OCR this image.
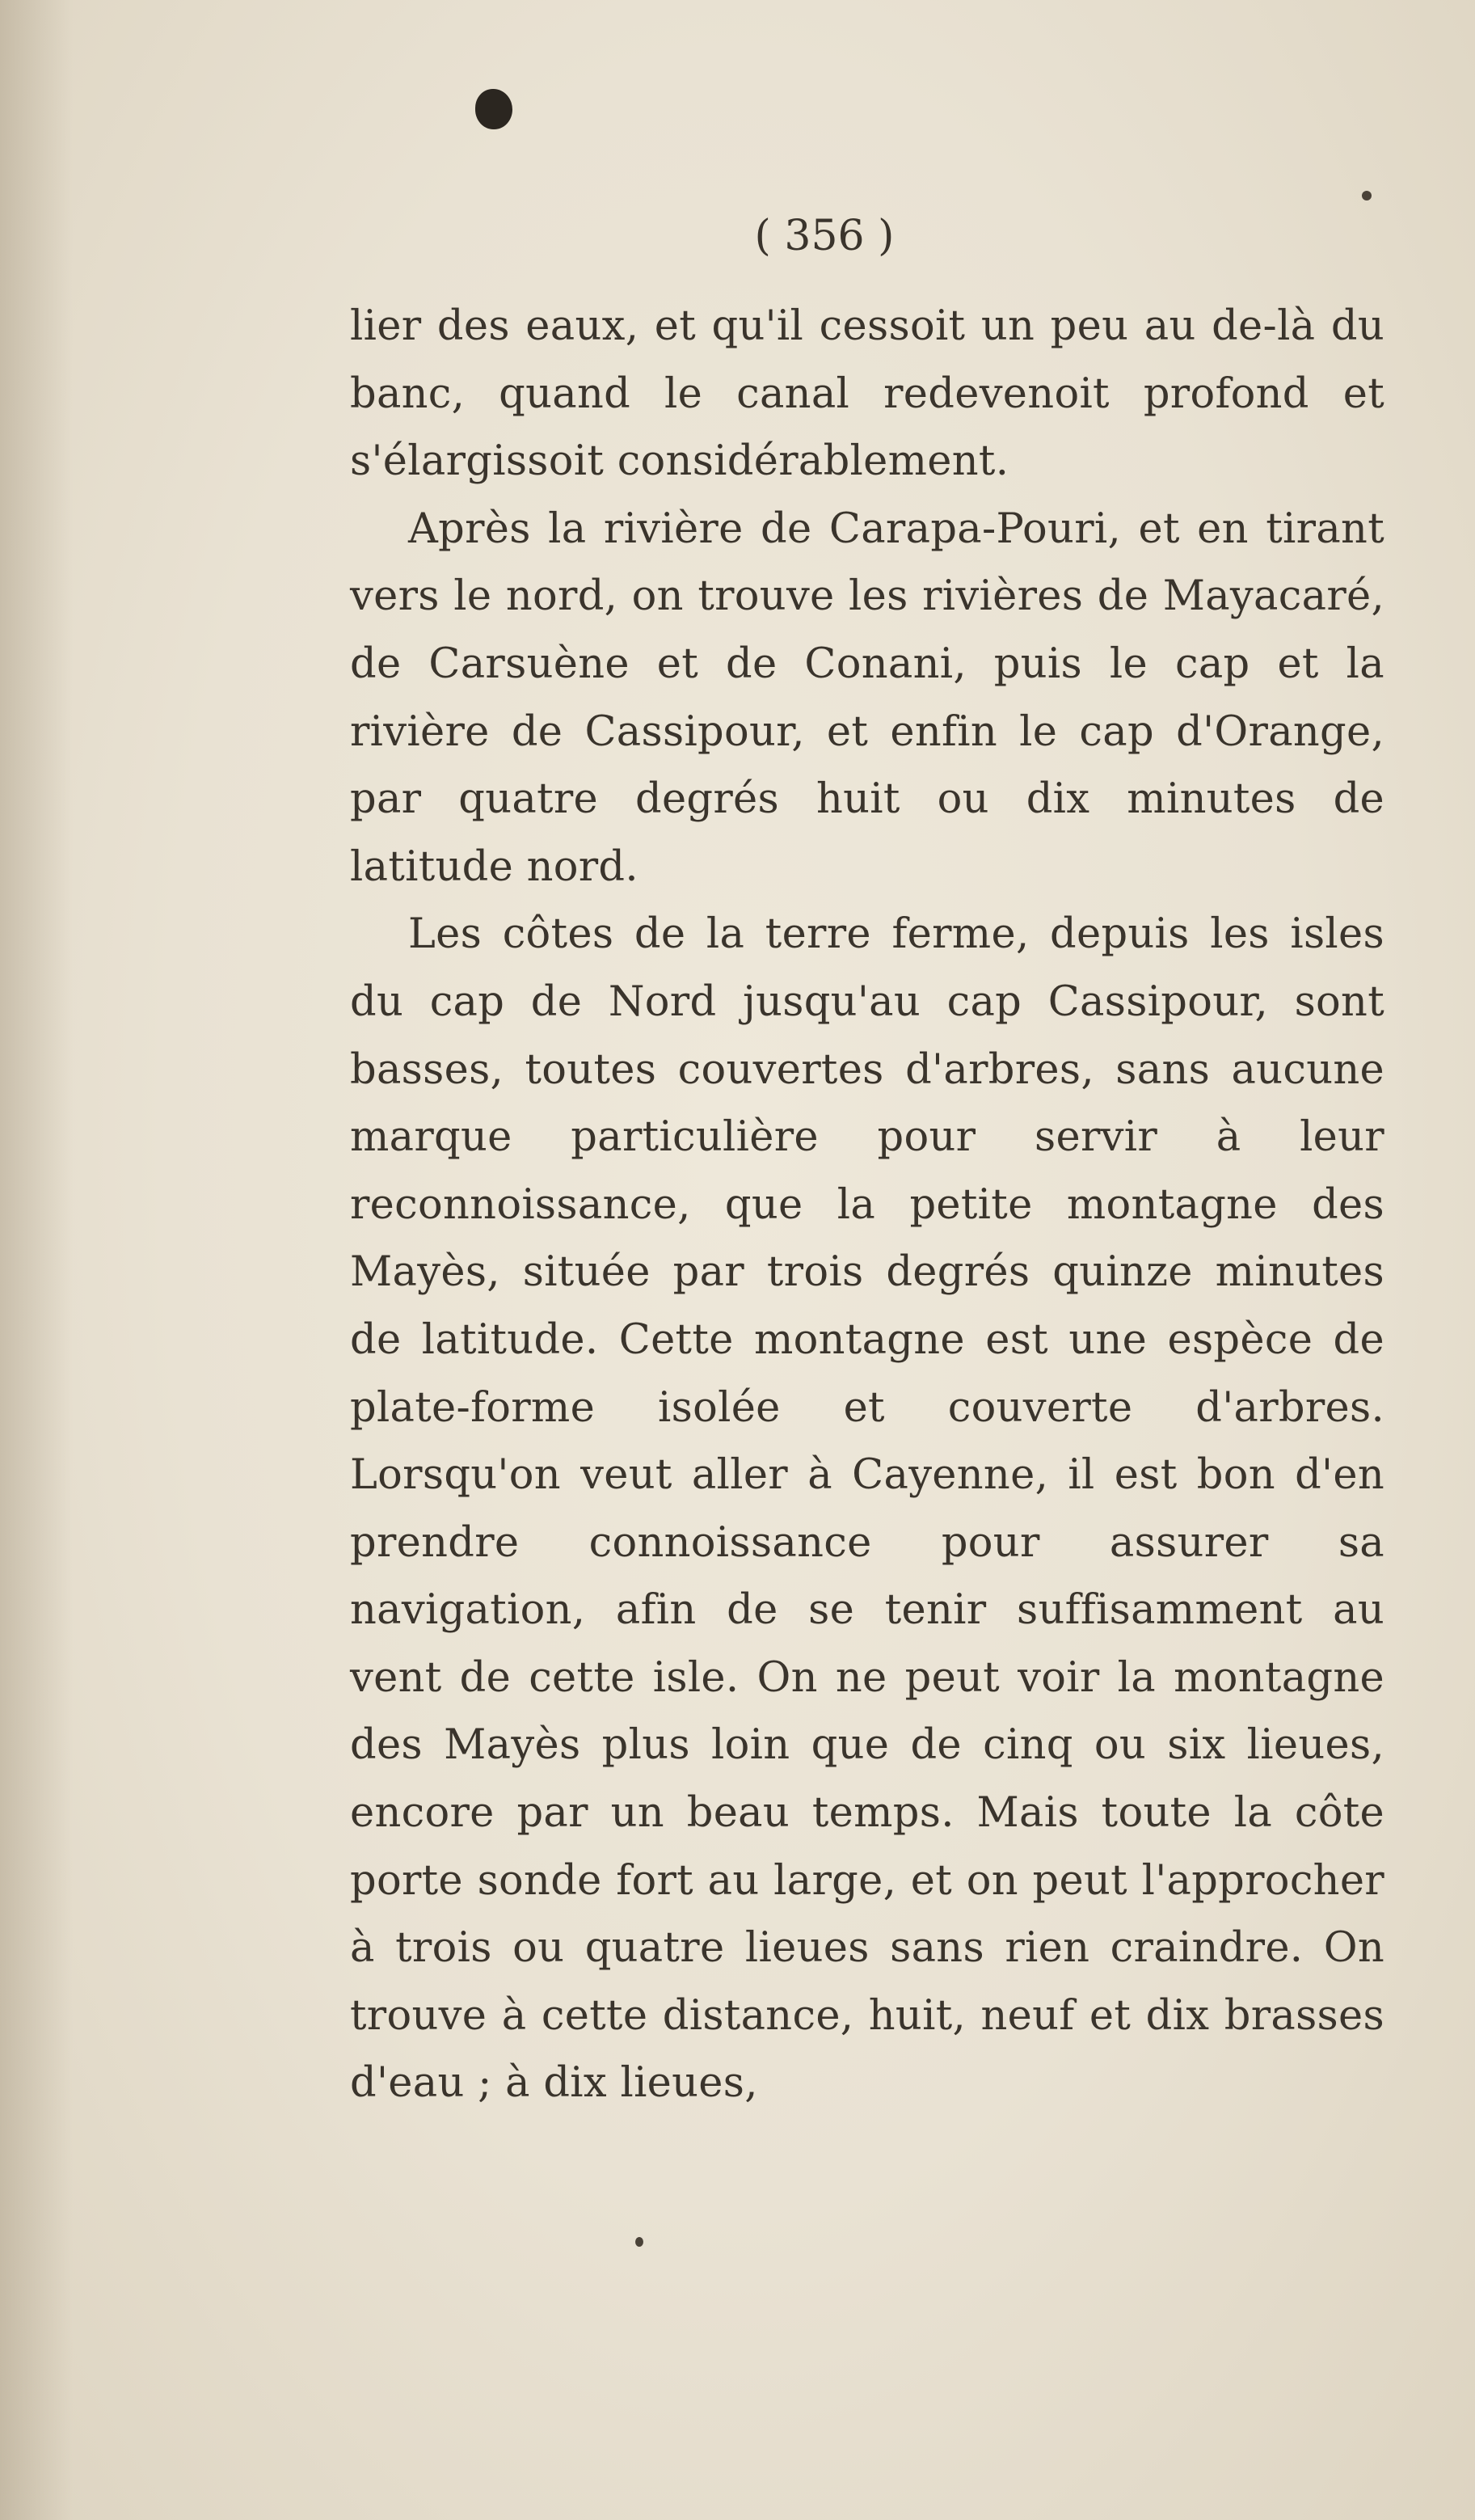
( 356 )

lier des eaux, et qu'il cessoit un peu au de-là du banc, quand le canal redevenoit profond et s'élargissoit considérablement.

Après la rivière de Carapa-Pouri, et en tirant vers le nord, on trouve les rivières de Mayacaré, de Carsuène et de Conani, puis le cap et la rivière de Cassipour, et enfin le cap d'Orange, par quatre degrés huit ou dix minutes de latitude nord.

Les côtes de la terre ferme, depuis les isles du cap de Nord jusqu'au cap Cassipour, sont basses, toutes couvertes d'arbres, sans aucune marque particulière pour servir à leur reconnoissance, que la petite montagne des Mayès, située par trois degrés quinze minutes de latitude. Cette montagne est une espèce de plate-forme isolée et couverte d'arbres. Lorsqu'on veut aller à Cayenne, il est bon d'en prendre connoissance pour assurer sa navigation, afin de se tenir suffisamment au vent de cette isle. On ne peut voir la montagne des Mayès plus loin que de cinq ou six lieues, encore par un beau temps. Mais toute la côte porte sonde fort au large, et on peut l'approcher à trois ou quatre lieues sans rien craindre. On trouve à cette distance, huit, neuf et dix brasses d'eau ; à dix lieues,
